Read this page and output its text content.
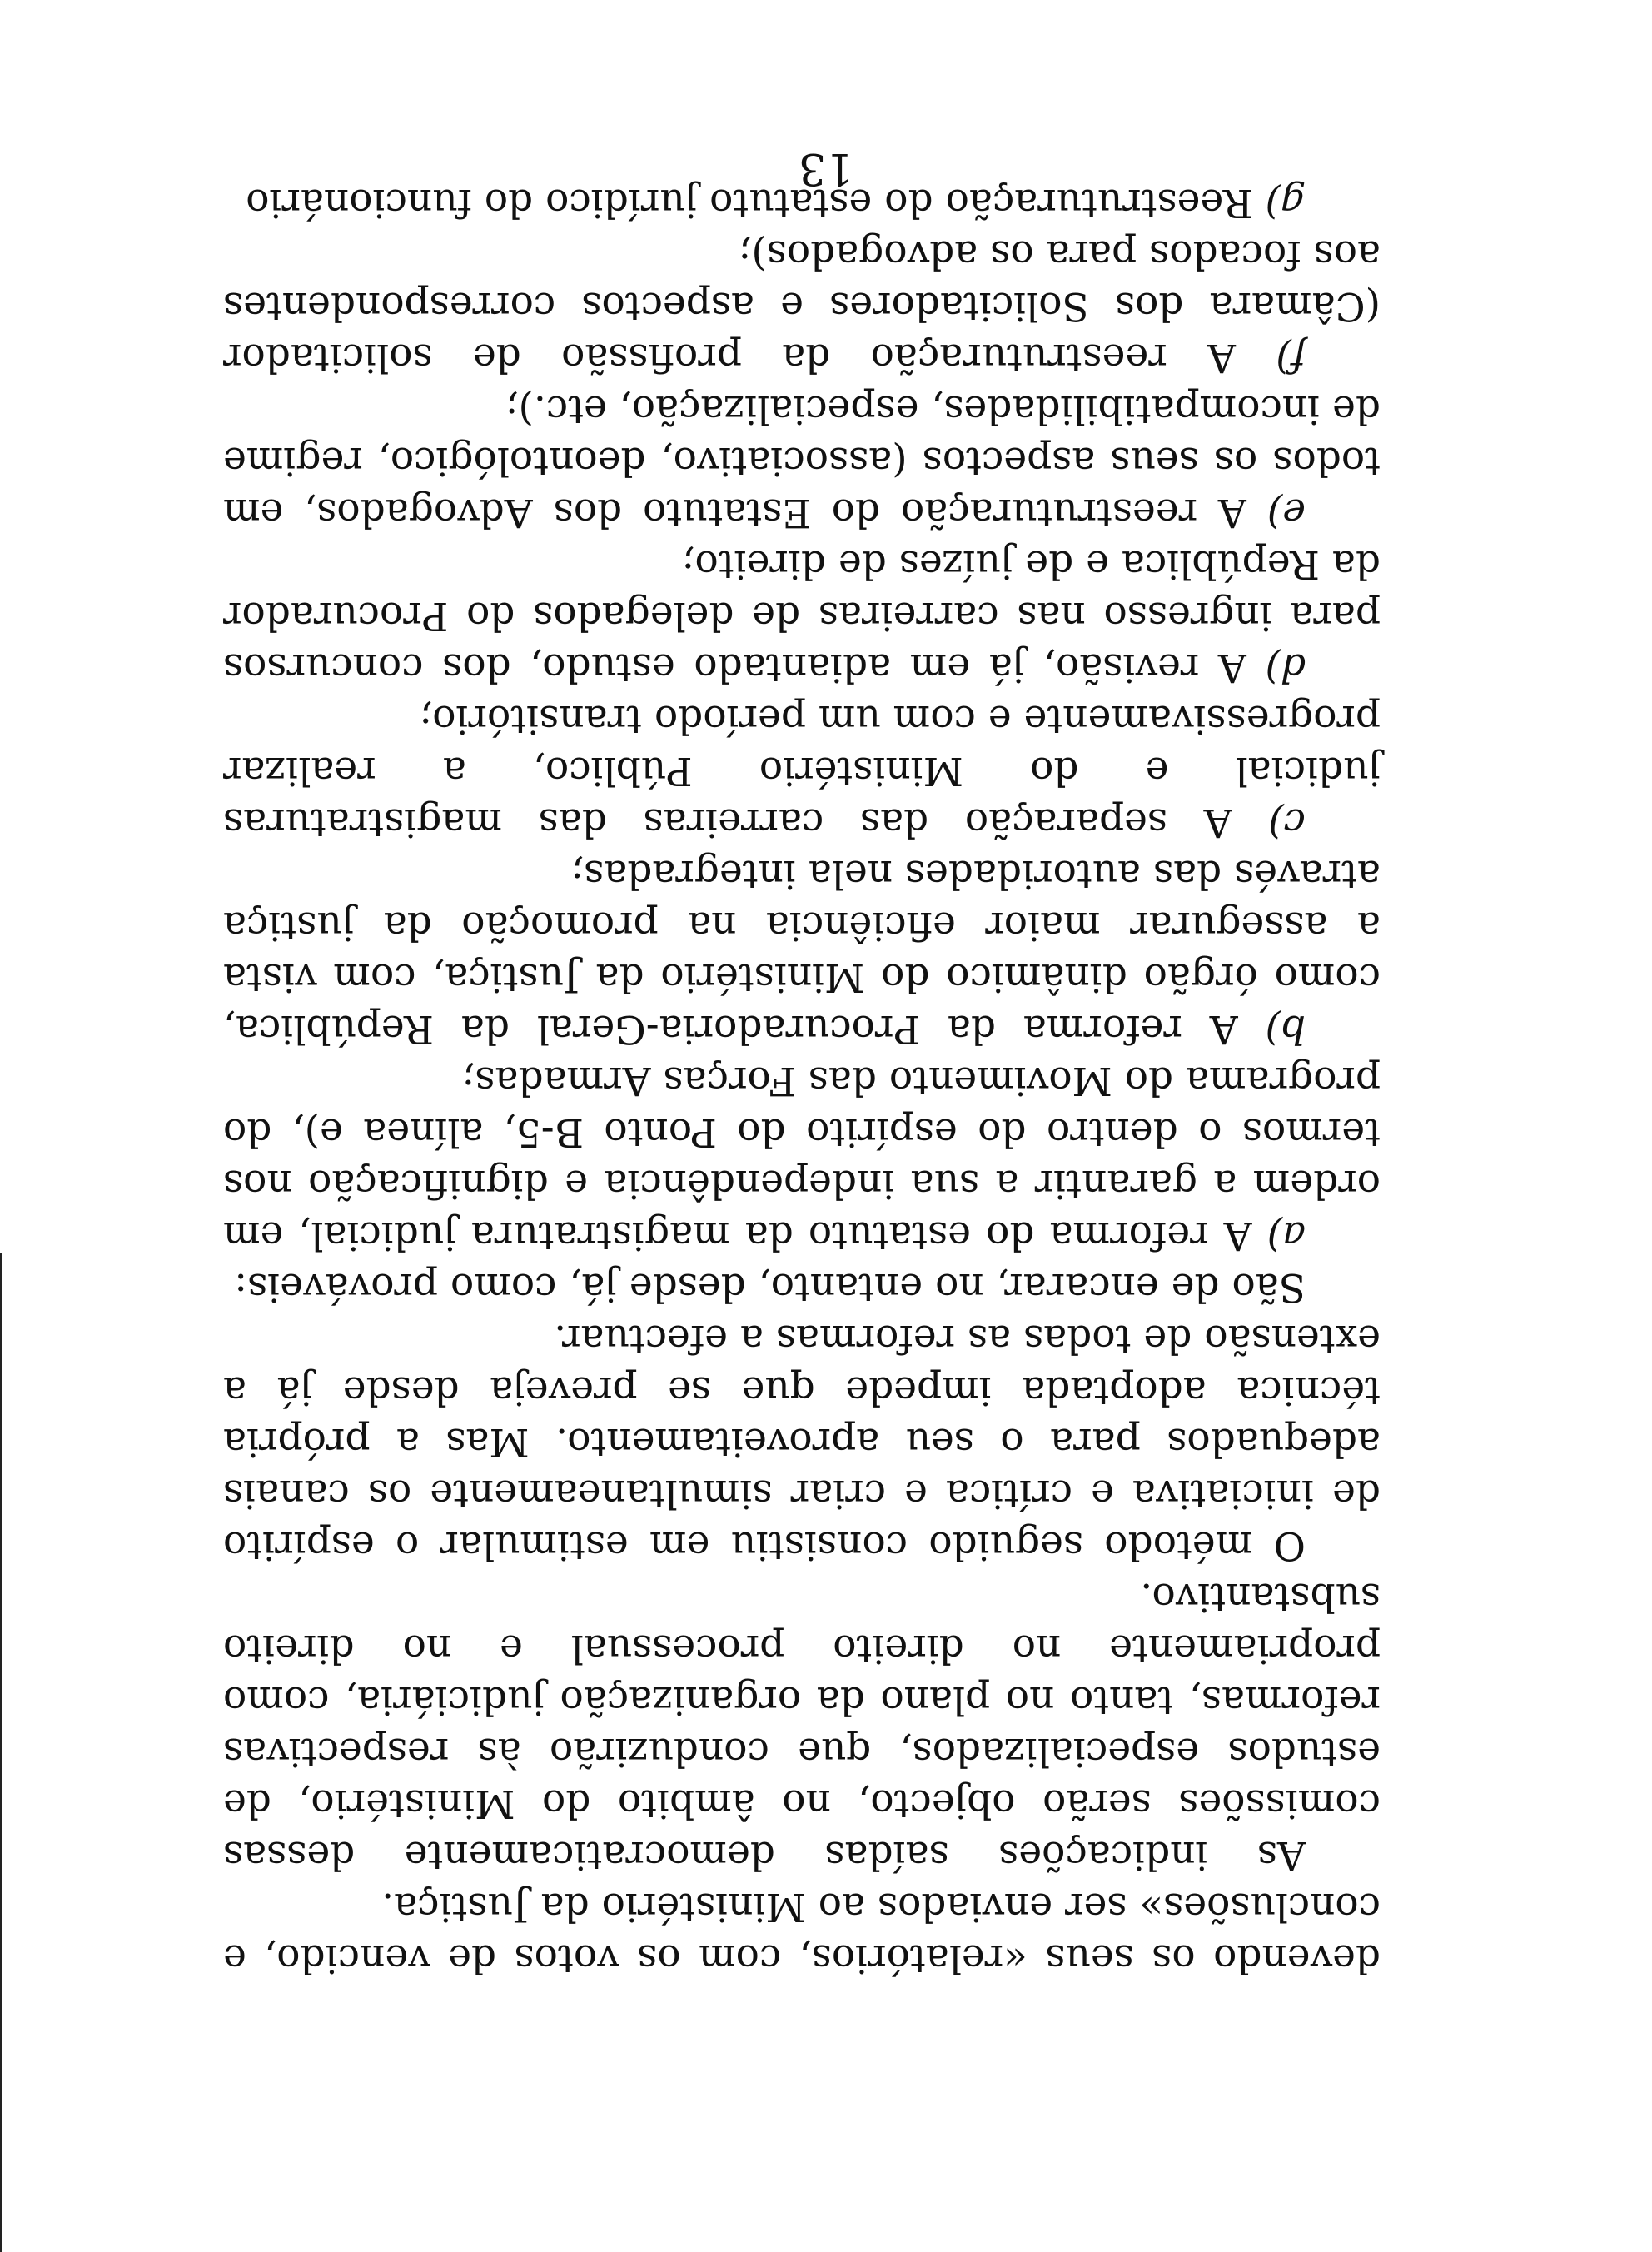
devendo os seus «relatórios, com os votos de vencido, e conclusões» ser enviados ao Ministério da Justiça.

As indicações saídas democraticamente dessas comissões serão objecto, no âmbito do Ministério, de estudos especializados, que conduzirão às respectivas reformas, tanto no plano da organização judiciária, como propriamente no direito processual e no direito substantivo.

O método seguido consistiu em estimular o espírito de iniciativa e crítica e criar simultaneamente os canais adequados para o seu aproveitamento. Mas a própria técnica adoptada impede que se preveja desde já a extensão de todas as reformas a efectuar.

São de encarar, no entanto, desde já, como prováveis:

a) A reforma do estatuto da magistratura judicial, em ordem a garantir a sua independência e dignificação nos termos o dentro do espírito do Ponto B-5, alínea e), do programa do Movimento das Forças Armadas;

b) A reforma da Procuradoria-Geral da República, como órgão dinâmico do Ministério da Justiça, com vista a assegurar maior eficiência na promoção da justiça através das autoridades nela integradas;

c) A separação das carreiras das magistraturas judicial e do Ministério Público, a realizar progressivamente e com um período transitório;

d) A revisão, já em adiantado estudo, dos concursos para ingresso nas carreiras de delegados do Procurador da República e de juízes de direito;

e) A reestruturação do Estatuto dos Advogados, em todos os seus aspectos (associativo, deontológico, regime de incompatibilidades, especialização, etc.);

f) A reestruturação da profissão de solicitador (Câmara dos Solicitadores e aspectos correspondentes aos focados para os advogados);

g) Reestruturação do estatuto jurídico do funcionário

13
